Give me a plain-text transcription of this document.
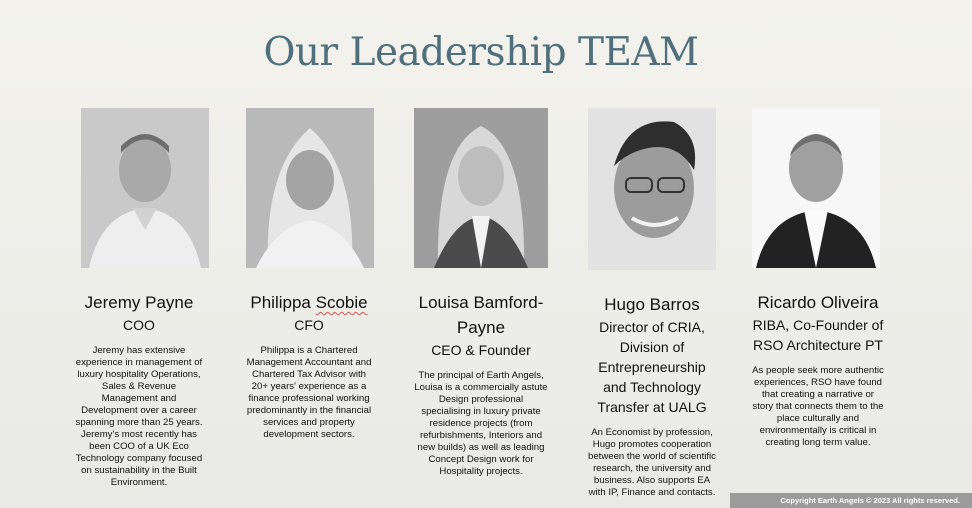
Our Leadership TEAM
Jeremy Payne
COO
Jeremy has extensive experience in management of luxury hospitality Operations, Sales & Revenue Management and Development over a career spanning more than 25 years.
Jeremy's most recently has been COO of a UK Eco Technology company focused on sustainability in the Built Environment.
Philippa Scobie
CFO
Philippa is a Chartered Management Accountant and Chartered Tax Advisor with 20+ years' experience as a finance professional working predominantly in the financial services and property development sectors.
Louisa Bamford-Payne
CEO & Founder
The principal of Earth Angels, Louisa is a commercially astute Design professional specialising in luxury private residence projects (from refurbishments, Interiors and new builds) as well as leading Concept Design work for Hospitality projects.
Hugo Barros
Director of CRIA, Division of Entrepreneurship and Technology Transfer at UALG
An Economist by profession, Hugo promotes cooperation between the world of scientific research, the university and business. Also supports EA with IP, Finance and contacts.
Ricardo Oliveira
RIBA, Co-Founder of RSO Architecture PT
As people seek more authentic experiences, RSO have found that creating a narrative or story that connects them to the place culturally and environmentally is critical in creating long term value.
Copyright Earth Angels © 2023 All rights reserved.
